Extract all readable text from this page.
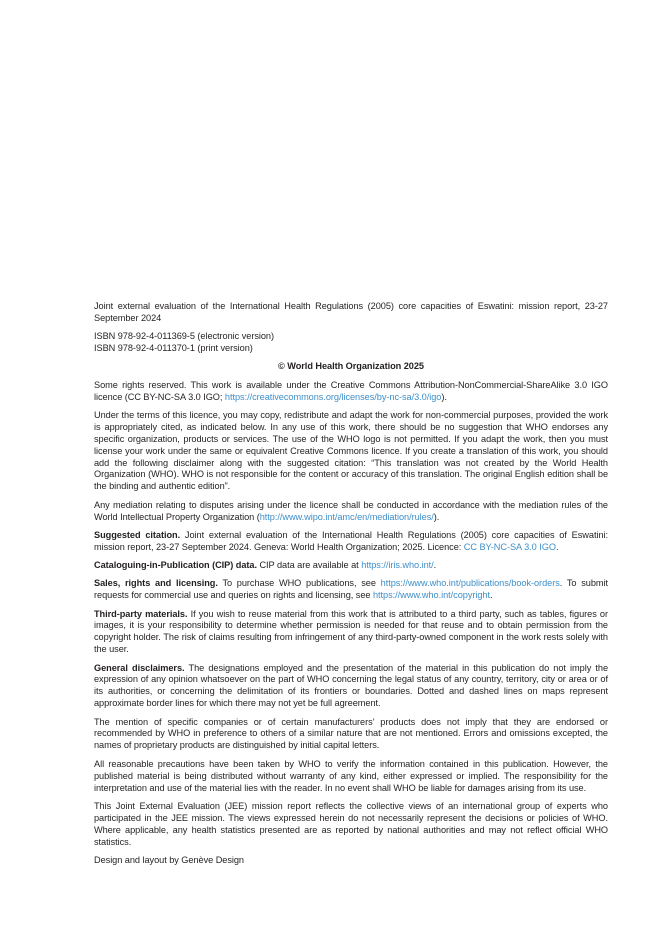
Joint external evaluation of the International Health Regulations (2005) core capacities of Eswatini: mission report, 23-27 September 2024

ISBN 978-92-4-011369-5 (electronic version)
ISBN 978-92-4-011370-1 (print version)

© World Health Organization 2025

Some rights reserved. This work is available under the Creative Commons Attribution-NonCommercial-ShareAlike 3.0 IGO licence (CC BY-NC-SA 3.0 IGO; https://creativecommons.org/licenses/by-nc-sa/3.0/igo).

Under the terms of this licence, you may copy, redistribute and adapt the work for non-commercial purposes, provided the work is appropriately cited, as indicated below. In any use of this work, there should be no suggestion that WHO endorses any specific organization, products or services. The use of the WHO logo is not permitted. If you adapt the work, then you must license your work under the same or equivalent Creative Commons licence. If you create a translation of this work, you should add the following disclaimer along with the suggested citation: “This translation was not created by the World Health Organization (WHO). WHO is not responsible for the content or accuracy of this translation. The original English edition shall be the binding and authentic edition”.

Any mediation relating to disputes arising under the licence shall be conducted in accordance with the mediation rules of the World Intellectual Property Organization (http://www.wipo.int/amc/en/mediation/rules/).

Suggested citation. Joint external evaluation of the International Health Regulations (2005) core capacities of Eswatini: mission report, 23-27 September 2024. Geneva: World Health Organization; 2025. Licence: CC BY-NC-SA 3.0 IGO.

Cataloguing-in-Publication (CIP) data. CIP data are available at https://iris.who.int/.

Sales, rights and licensing. To purchase WHO publications, see https://www.who.int/publications/book-orders. To submit requests for commercial use and queries on rights and licensing, see https://www.who.int/copyright.

Third-party materials. If you wish to reuse material from this work that is attributed to a third party, such as tables, figures or images, it is your responsibility to determine whether permission is needed for that reuse and to obtain permission from the copyright holder. The risk of claims resulting from infringement of any third-party-owned component in the work rests solely with the user.

General disclaimers. The designations employed and the presentation of the material in this publication do not imply the expression of any opinion whatsoever on the part of WHO concerning the legal status of any country, territory, city or area or of its authorities, or concerning the delimitation of its frontiers or boundaries. Dotted and dashed lines on maps represent approximate border lines for which there may not yet be full agreement.

The mention of specific companies or of certain manufacturers’ products does not imply that they are endorsed or recommended by WHO in preference to others of a similar nature that are not mentioned. Errors and omissions excepted, the names of proprietary products are distinguished by initial capital letters.

All reasonable precautions have been taken by WHO to verify the information contained in this publication. However, the published material is being distributed without warranty of any kind, either expressed or implied. The responsibility for the interpretation and use of the material lies with the reader. In no event shall WHO be liable for damages arising from its use.

This Joint External Evaluation (JEE) mission report reflects the collective views of an international group of experts who participated in the JEE mission. The views expressed herein do not necessarily represent the decisions or policies of WHO. Where applicable, any health statistics presented are as reported by national authorities and may not reflect official WHO statistics.

Design and layout by Genève Design
